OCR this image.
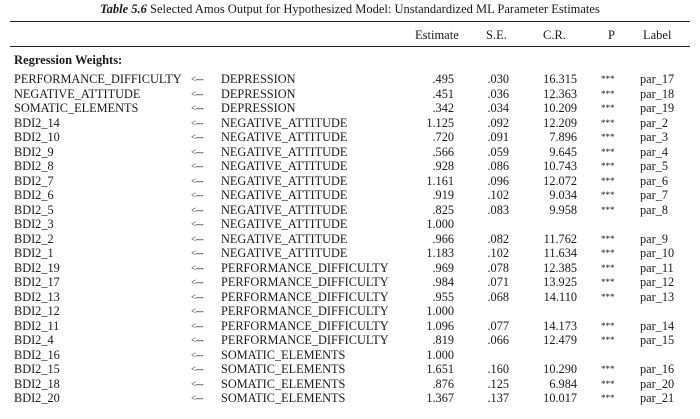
Table 5.6 Selected Amos Output for Hypothesized Model: Unstandardized ML Parameter Estimates
Estimate S.E.	C.R.	P Label
Regression Weights:
PERFORMANCE_DIFFICULTY <--- DEPRESSION	.495	.030	16.315	*** par_17
NEGATIVE_ATTITUDE	<--- DEPRESSION	.451	.036	12.363	*** par_18
SOMATIC_ELEMENTS	<--- DEPRESSION	.342	.034	10.209	*** par_19
BDI2_14	<--- NEGATIVE_ATTITUDE	1.125	.092	12.209	*** par_2
BDI2_10	<--- NEGATIVE_ATTITUDE	.720	.091	7.896	*** par_3
BDI2_9	<--- NEGATIVE_ATTITUDE	.566	.059	9.645	*** par_4
BDI2_8	<--- NEGATIVE_ATTITUDE	.928	.086	10.743	*** par_5
BDI2_7	<--- NEGATIVE_ATTITUDE	1.161	.096	12.072	*** par_6
BDI2_6	<--- NEGATIVE_ATTITUDE	.919	.102	9.034	*** par_7
BDI2_5	<--- NEGATIVE_ATTITUDE	.825	.083	9.958	*** par_8
BDI2_3	<--- NEGATIVE_ATTITUDE	1.000
BDI2_2	<--- NEGATIVE_ATTITUDE	.966	.082	11.762	*** par_9
BDI2_1	<--- NEGATIVE_ATTITUDE	1.183	.102	11.634	*** par_10
BDI2_19	<--- PERFORMANCE_DIFFICULTY	.969	.078	12.385	*** par_11
BDI2_17	<--- PERFORMANCE_DIFFICULTY	.984	.071	13.925	*** par_12
BDI2_13	<--- PERFORMANCE_DIFFICULTY	.955	.068	14.110	*** par_13
BDI2_12	<--- PERFORMANCE_DIFFICULTY	1.000
BDI2_11	<--- PERFORMANCE_DIFFICULTY	1.096	.077	14.173	*** par_14
BDI2_4	<--- PERFORMANCE_DIFFICULTY	.819	.066	12.479	*** par_15
BDI2_16	<--- SOMATIC_ELEMENTS	1.000
BDI2_15	<--- SOMATIC_ELEMENTS	1.651	.160	10.290	*** par_16
BDI2_18	<--- SOMATIC_ELEMENTS	.876	.125	6.984	*** par_20
BDI2_20	<--- SOMATIC_ELEMENTS	1.367	.137	10.017	*** par_21
